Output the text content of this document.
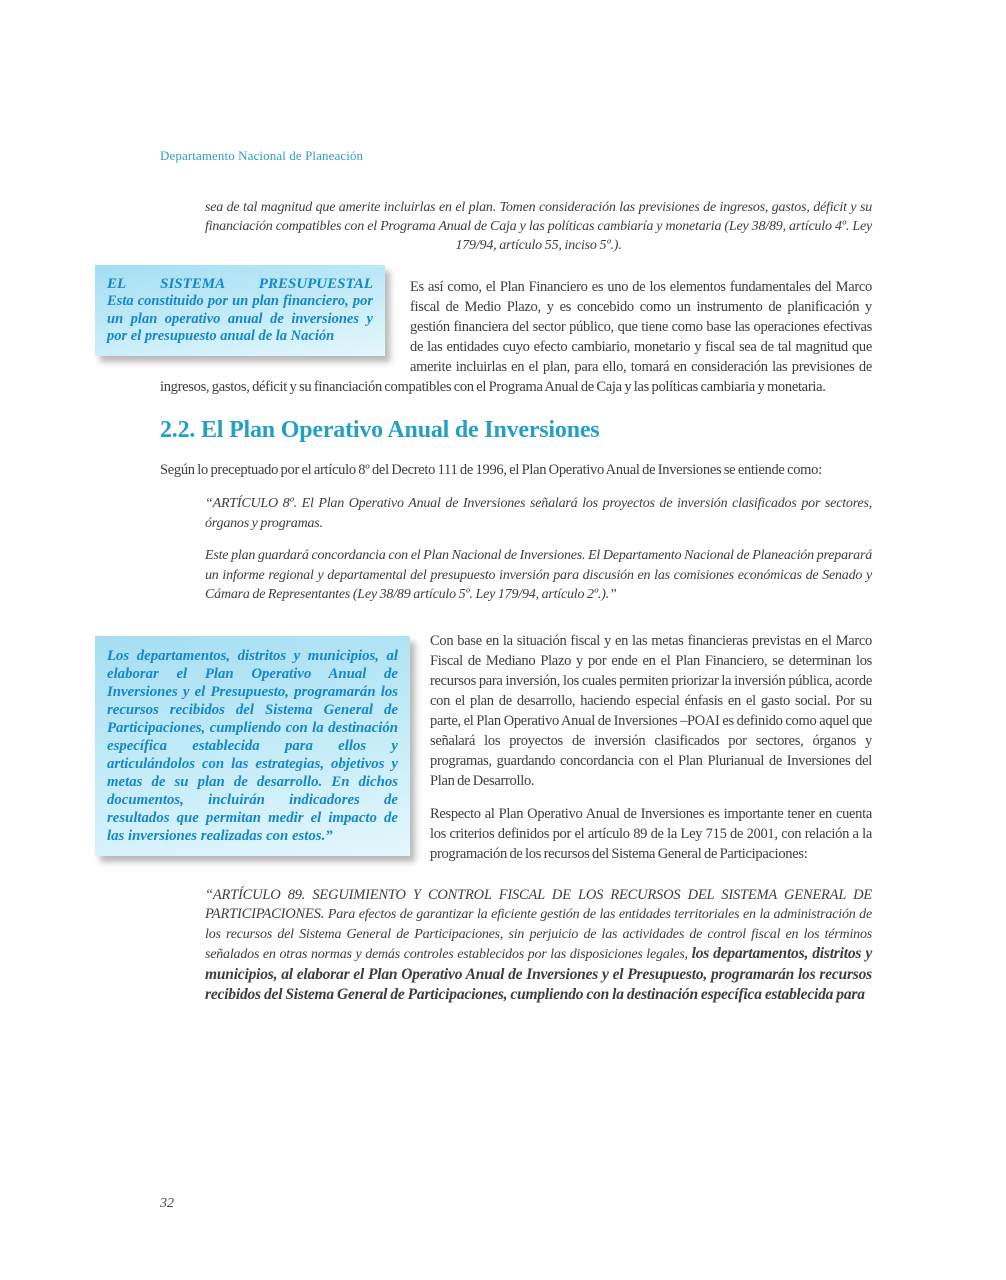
Departamento Nacional de Planeación

sea de tal magnitud que amerite incluirlas en el plan. Tomen consideración las previsiones de ingresos, gastos, déficit y su financiación compatibles con el Programa Anual de Caja y las políticas cambiaría y monetaria (Ley 38/89, artículo 4º. Ley 179/94, artículo 55, inciso 5º.).

EL SISTEMA PRESUPUESTAL
Esta constituido por un plan financiero, por un plan operativo anual de inversiones y por el presupuesto anual de la Nación

Es así como, el Plan Financiero es uno de los elementos fundamentales del Marco fiscal de Medio Plazo, y es concebido como un instrumento de planificación y gestión financiera del sector público, que tiene como base las operaciones efectivas de las entidades cuyo efecto cambiario, monetario y fiscal sea de tal magnitud que amerite incluirlas en el plan, para ello, tomará en consideración las previsiones de ingresos, gastos, déficit y su financiación compatibles con el Programa Anual de Caja y las políticas cambiaria y monetaria.

2.2. El Plan Operativo Anual de Inversiones

Según lo preceptuado por el artículo 8º del Decreto 111 de 1996, el Plan Operativo Anual de Inversiones se entiende como:

“ARTÍCULO 8º. El Plan Operativo Anual de Inversiones señalará los proyectos de inversión clasificados por sectores, órganos y programas.

Este plan guardará concordancia con el Plan Nacional de Inversiones. El Departamento Nacional de Planeación preparará un informe regional y departamental del presupuesto inversión para discusión en las comisiones económicas de Senado y Cámara de Representantes (Ley 38/89 artículo 5º. Ley 179/94, artículo 2º.).”

Los departamentos, distritos y municipios, al elaborar el Plan Operativo Anual de Inversiones y el Presupuesto, programarán los recursos recibidos del Sistema General de Participaciones, cumpliendo con la destinación específica establecida para ellos y articulándolos con las estrategias, objetivos y metas de su plan de desarrollo. En dichos documentos, incluirán indicadores de resultados que permitan medir el impacto de las inversiones realizadas con estos.”

Con base en la situación fiscal y en las metas financieras previstas en el Marco Fiscal de Mediano Plazo y por ende en el Plan Financiero, se determinan los recursos para inversión, los cuales permiten priorizar la inversión pública, acorde con el plan de desarrollo, haciendo especial énfasis en el gasto social. Por su parte, el Plan Operativo Anual de Inversiones –POAI es definido como aquel que señalará los proyectos de inversión clasificados por sectores, órganos y programas, guardando concordancia con el Plan Plurianual de Inversiones del Plan de Desarrollo.

Respecto al Plan Operativo Anual de Inversiones es importante tener en cuenta los criterios definidos por el artículo 89 de la Ley 715 de 2001, con relación a la programación de los recursos del Sistema General de Participaciones:

“ARTÍCULO 89. SEGUIMIENTO Y CONTROL FISCAL DE LOS RECURSOS DEL SISTEMA GENERAL DE PARTICIPACIONES. Para efectos de garantizar la eficiente gestión de las entidades territoriales en la administración de los recursos del Sistema General de Participaciones, sin perjuicio de las actividades de control fiscal en los términos señalados en otras normas y demás controles establecidos por las disposiciones legales, los departamentos, distritos y municipios, al elaborar el Plan Operativo Anual de Inversiones y el Presupuesto, programarán los recursos recibidos del Sistema General de Participaciones, cumpliendo con la destinación específica establecida para

32
